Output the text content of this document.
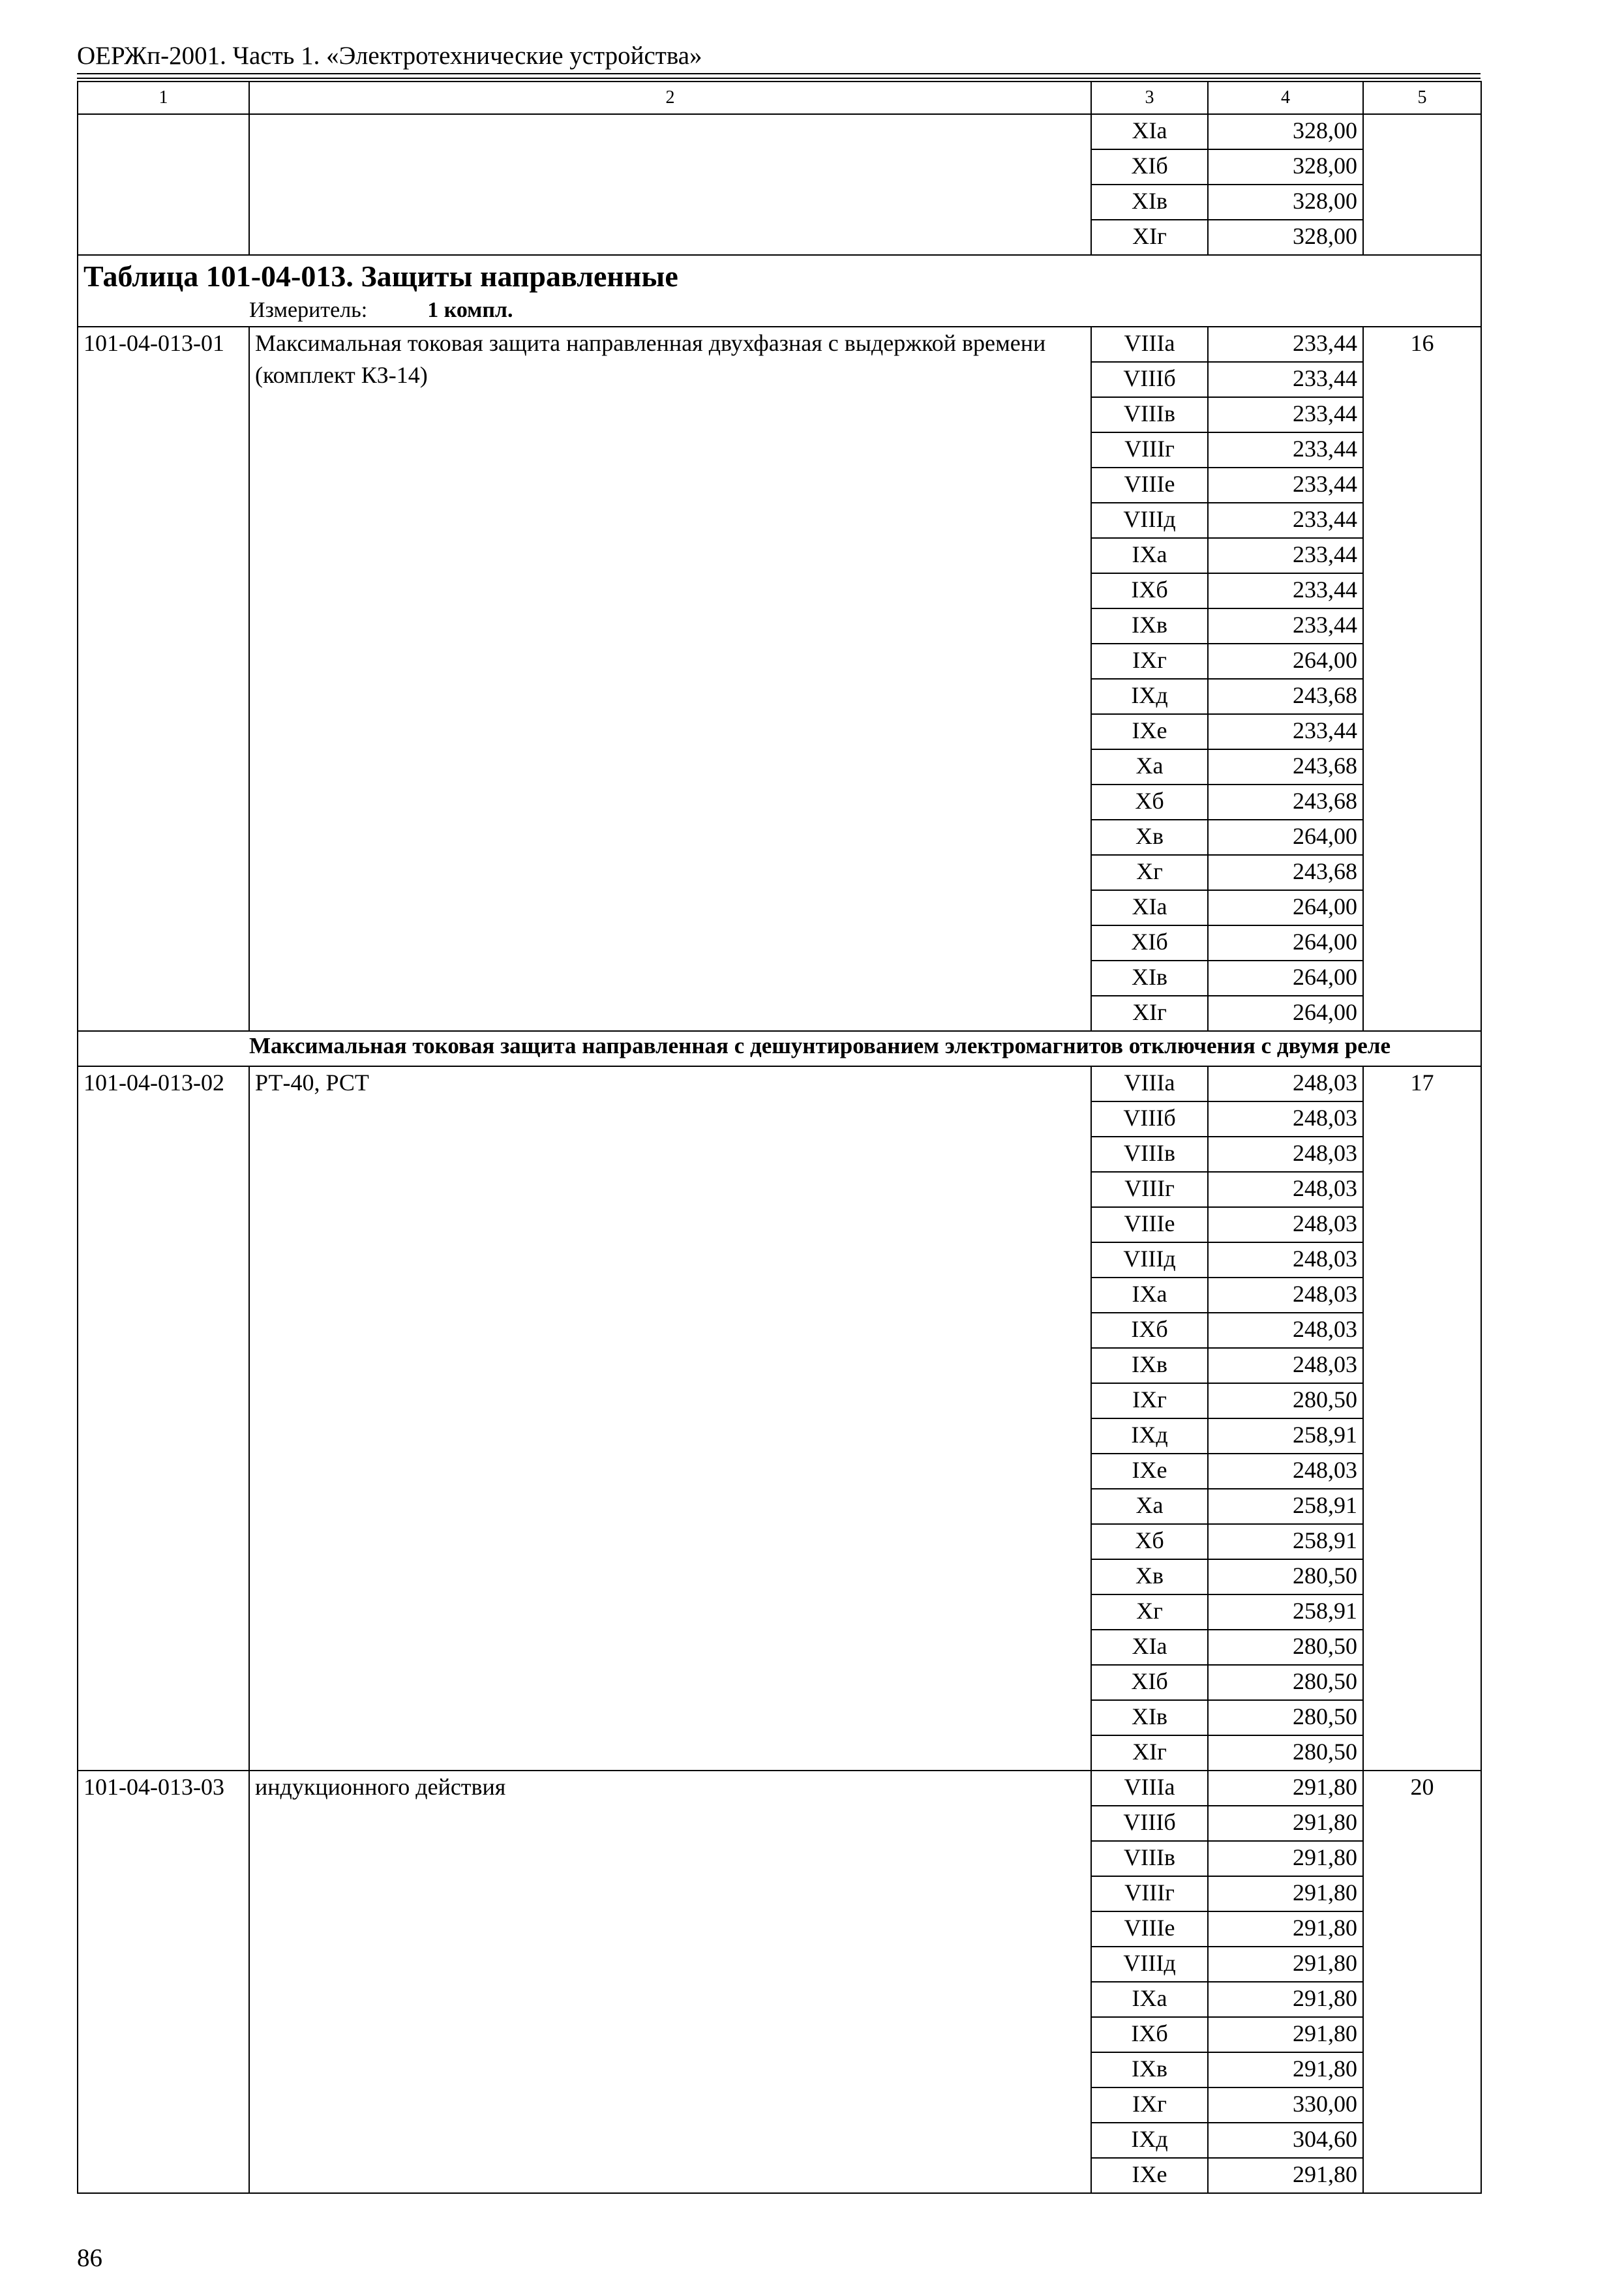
ОЕРЖп-2001. Часть 1. «Электротехнические устройства»
1	2	3	4	5
		XIа	328,00	
		XIб	328,00	
		XIв	328,00	
		XIг	328,00	

Таблица 101-04-013. Защиты направленные
Измеритель: 1 компл.				

101-04-013-01	Максимальная токовая защита направленная двухфазная с выдержкой времени (комплект КЗ-14)	VIIIа	233,44	16
		VIIIб	233,44	
		VIIIв	233,44	
		VIIIг	233,44	
		VIIIе	233,44	
		VIIIд	233,44	
		IXа	233,44	
		IXб	233,44	
		IXв	233,44	
		IXг	264,00	
		IXд	243,68	
		IXе	233,44	
		Xа	243,68	
		Xб	243,68	
		Xв	264,00	
		Xг	243,68	
		XIа	264,00	
		XIб	264,00	
		XIв	264,00	
		XIг	264,00	

Максимальная токовая защита направленная с дешунтированием электромагнитов отключения с двумя реле				

101-04-013-02	РТ-40, РСТ	VIIIа	248,03	17
		VIIIб	248,03	
		VIIIв	248,03	
		VIIIг	248,03	
		VIIIе	248,03	
		VIIIд	248,03	
		IXа	248,03	
		IXб	248,03	
		IXв	248,03	
		IXг	280,50	
		IXд	258,91	
		IXе	248,03	
		Xа	258,91	
		Xб	258,91	
		Xв	280,50	
		Xг	258,91	
		XIа	280,50	
		XIб	280,50	
		XIв	280,50	
		XIг	280,50	
101-04-013-03	индукционного действия	VIIIа	291,80	20
		VIIIб	291,80	
		VIIIв	291,80	
		VIIIг	291,80	
		VIIIе	291,80	
		VIIIд	291,80	
		IXа	291,80	
		IXб	291,80	
		IXв	291,80	
		IXг	330,00	
		IXд	304,60	
		IXе	291,80	
86
